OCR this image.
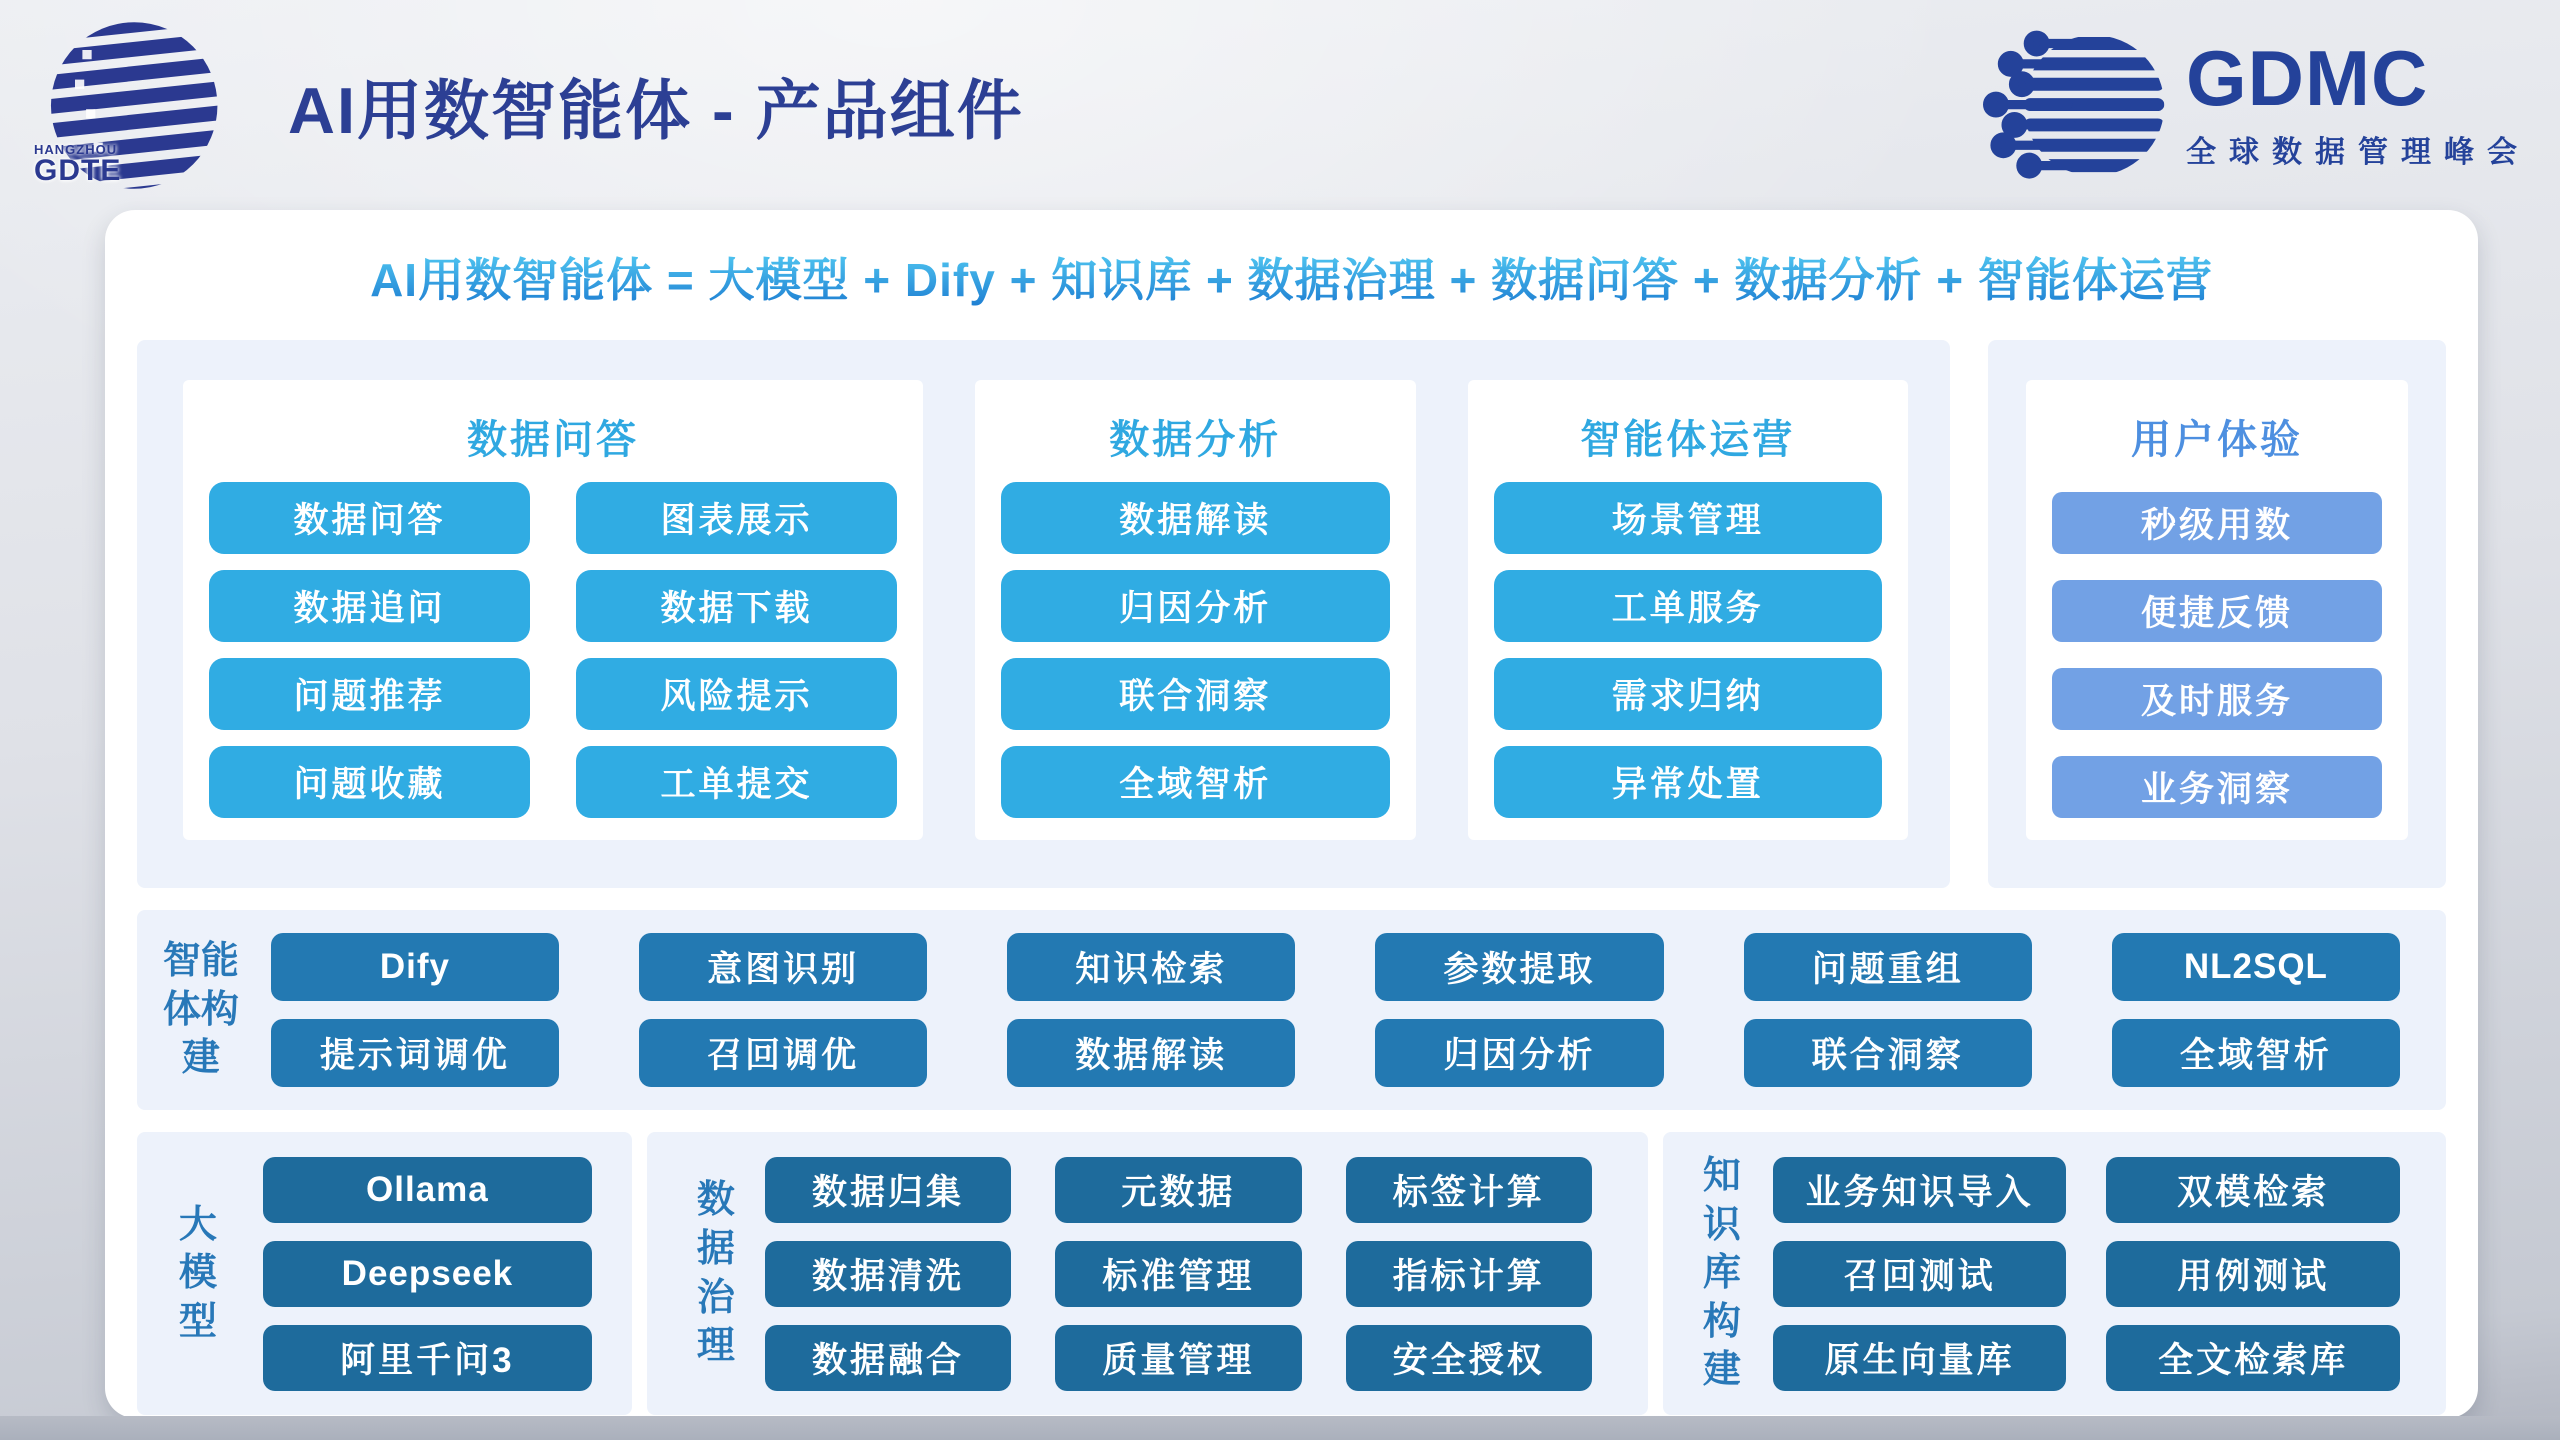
HANGZHOU
GDTE
AI用数智能体 - 产品组件	GDMC
全球数据管理峰会
AI用数智能体 = 大模型 + Dify + 知识库 + 数据治理 + 数据问答 + 数据分析 + 智能体运营
数据问答
数据问答	图表展示
数据追问	数据下载
问题推荐	风险提示
问题收藏	工单提交
数据分析
数据解读
归因分析
联合洞察
全域智析
智能体运营
场景管理
工单服务
需求归纳
异常处置
用户体验
秒级用数
便捷反馈
及时服务
业务洞察
智能体构建
Dify	意图识别	知识检索	参数提取	问题重组	NL2SQL
提示词调优	召回调优	数据解读	归因分析	联合洞察	全域智析
大模型
Ollama
Deepseek
阿里千问3
数据治理
数据归集	元数据	标签计算
数据清洗	标准管理	指标计算
数据融合	质量管理	安全授权
知识库构建
业务知识导入	双模检索
召回测试	用例测试
原生向量库	全文检索库
